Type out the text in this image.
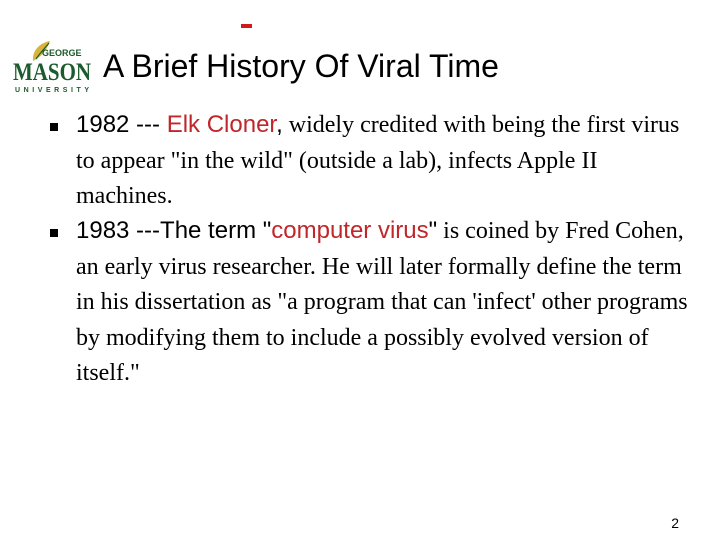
GEORGE
MASON
UNIVERSITY
A Brief History Of Viral Time
1982 --- Elk Cloner, widely credited with being the first virus to appear "in the wild" (outside a lab), infects Apple II machines.
1983 ---The term "computer virus" is coined by Fred Cohen, an early virus researcher. He will later formally define the term in his dissertation as "a program that can 'infect' other programs by modifying them to include a possibly evolved version of itself."
2
